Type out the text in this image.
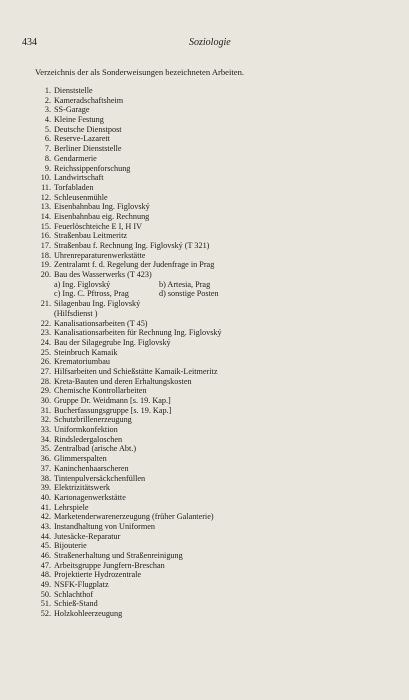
434	Soziologie
Verzeichnis der als Sonderweisungen bezeichneten Arbeiten.
1. Dienststelle
2. Kameradschaftsheim
3. SS-Garage
4. Kleine Festung
5. Deutsche Dienstpost
6. Reserve-Lazarett
7. Berliner Dienststelle
8. Gendarmerie
9. Reichssippenforschung
10. Landwirtschaft
11. Torfabladen
12. Schleusenmühle
13. Eisenbahnbau Ing. Figlovský
14. Eisenbahnbau eig. Rechnung
15. Feuerlöschteiche E I, H IV
16. Straßenbau Leitmeritz
17. Straßenbau f. Rechnung Ing. Figlovský (T 321)
18. Uhrenreparaturenwerkstätte
19. Zentralamt f. d. Regelung der Judenfrage in Prag
20. Bau des Wasserwerks (T 423)
a) Ing. Figlovský	b) Artesia, Prag
c) Ing. C. Pftross, Prag	d) sonstige Posten
21. Silagenbau Ing. Figlovský
(Hilfsdienst )
22. Kanalisationsarbeiten (T 45)
23. Kanalisationsarbeiten für Rechnung Ing. Figlovský
24. Bau der Silagegrube Ing. Figlovský
25. Steinbruch Kamaik
26. Krematoriumbau
27. Hilfsarbeiten und Schießstätte Kamaik-Leitmeritz
28. Kreta-Bauten und deren Erhaltungskosten
29. Chemische Kontrollarbeiten
30. Gruppe Dr. Weidmann [s. 19. Kap.]
31. Bucherfassungsgruppe [s. 19. Kap.]
32. Schutzbrillenerzeugung
33. Uniformkonfektion
34. Rindsledergaloschen
35. Zentralbad (arische Abt.)
36. Glimmerspalten
37. Kaninchenhaarscheren
38. Tintenpulversäckchenfüllen
39. Elektrizitätswerk
40. Kartonagenwerkstätte
41. Lehrspiele
42. Marketenderwarenerzeugung (früher Galanterie)
43. Instandhaltung von Uniformen
44. Jutesäcke-Reparatur
45. Bijouterie
46. Straßenerhaltung und Straßenreinigung
47. Arbeitsgruppe Jungfern-Breschan
48. Projektierte Hydrozentrale
49. NSFK-Flugplatz
50. Schlachthof
51. Schieß-Stand
52. Holzkohleerzeugung
